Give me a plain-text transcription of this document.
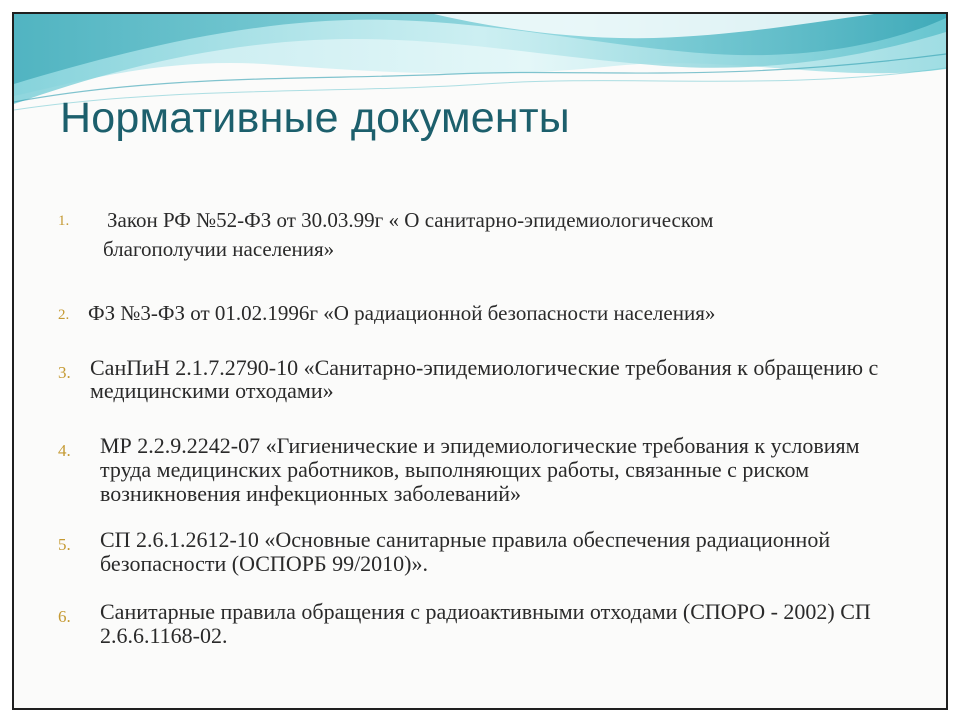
Нормативные документы
1. Закон РФ №52-ФЗ от 30.03.99г « О санитарно-эпидемиологическом благополучии населения»
2. ФЗ №3-ФЗ от 01.02.1996г «О радиационной безопасности населения»
3. СанПиН 2.1.7.2790-10 «Санитарно-эпидемиологические требования к обращению с медицинскими отходами»
4. МР 2.2.9.2242-07 «Гигиенические и эпидемиологические требования к условиям труда медицинских работников, выполняющих работы, связанные с риском возникновения инфекционных заболеваний»
5. СП 2.6.1.2612-10 «Основные санитарные правила обеспечения радиационной безопасности (ОСПОРБ 99/2010)».
6. Санитарные правила обращения с радиоактивными отходами (СПОРО - 2002) СП 2.6.6.1168-02.
